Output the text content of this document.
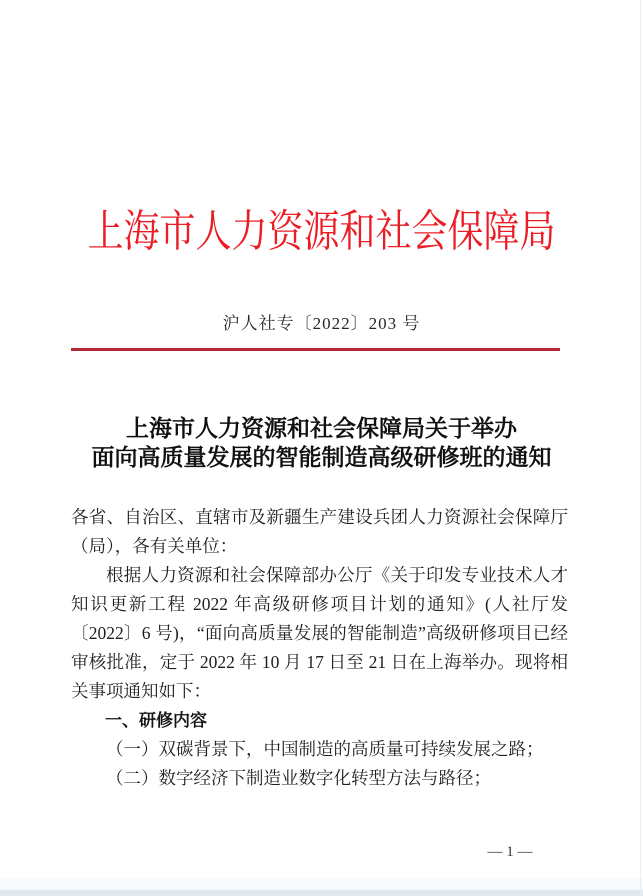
上海市人力资源和社会保障局
沪人社专〔2022〕203 号
上海市人力资源和社会保障局关于举办
面向高质量发展的智能制造高级研修班的通知

各省、自治区、直辖市及新疆生产建设兵团人力资源社会保障厅（局），各有关单位：

根据人力资源和社会保障部办公厅《关于印发专业技术人才知识更新工程 2022 年高级研修项目计划的通知》(人社厅发〔2022〕6 号)，“面向高质量发展的智能制造”高级研修项目已经审核批准，定于 2022 年 10 月 17 日至 21 日在上海举办。现将相关事项通知如下：

一、研修内容

（一）双碳背景下，中国制造的高质量可持续发展之路；

（二）数字经济下制造业数字化转型方法与路径；

— 1 —
